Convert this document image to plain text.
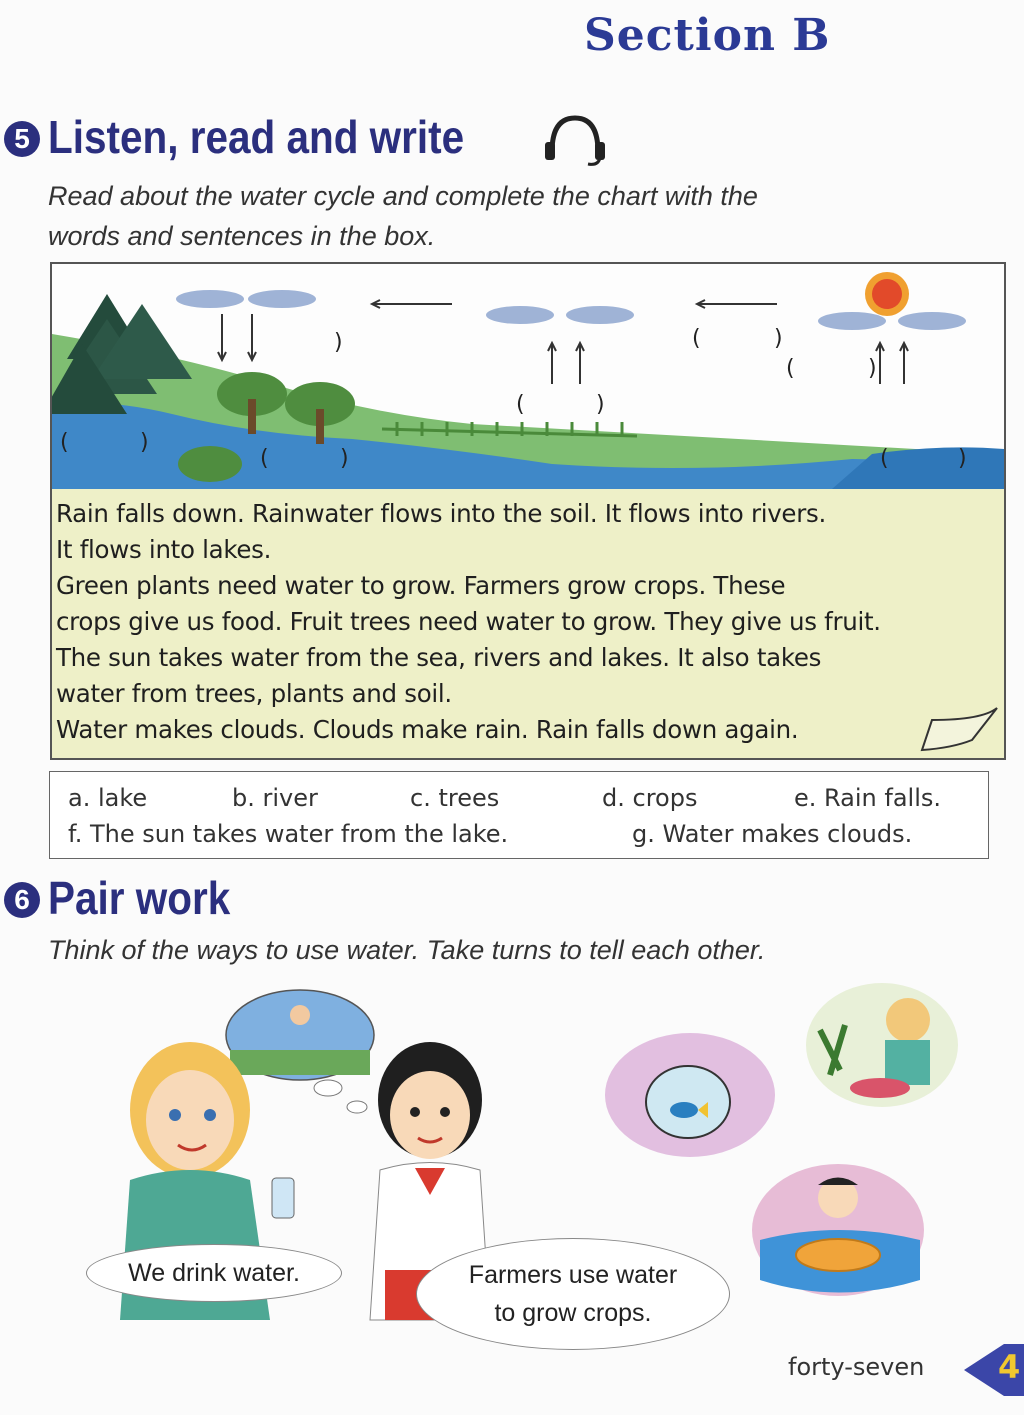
Section B
5 Listen, read and write
Read about the water cycle and complete the chart with the
words and sentences in the box.
)	(	)
(	)
(	)
(	)
(	)	(	)
Rain falls down. Rainwater flows into the soil. It flows into rivers.
It flows into lakes.
Green plants need water to grow. Farmers grow crops. These
crops give us food. Fruit trees need water to grow. They give us fruit.
The sun takes water from the sea, rivers and lakes. It also takes
water from trees, plants and soil.
Water makes clouds. Clouds make rain. Rain falls down again.
a. lake	b. river	c. trees	d. crops	e. Rain falls.
f. The sun takes water from the lake.	g. Water makes clouds.
6 Pair work
Think of the ways to use water. Take turns to tell each other.
We drink water.	Farmers use water
to grow crops.
forty-seven 4
